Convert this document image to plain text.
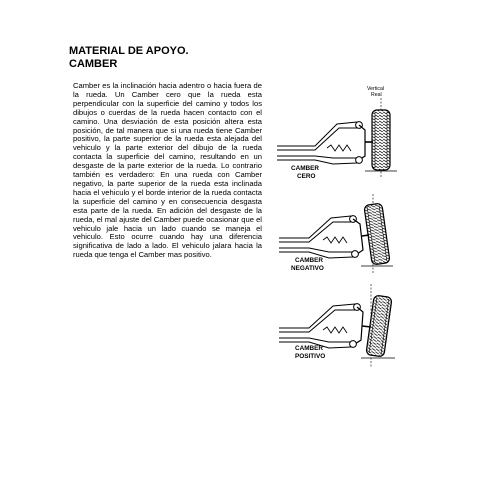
MATERIAL DE APOYO.
CAMBER

Camber es la inclinación hacia adentro o hacia fuera de la rueda. Un Camber cero que la rueda esta perpendicular con la superficie del camino y todos los dibujos o cuerdas de la rueda hacen contacto con el camino. Una desviación de esta posición altera esta posición, de tal manera que si una rueda tiene Camber positivo, la parte superior de la rueda esta alejada del vehiculo y la parte exterior del dibujo de la rueda contacta la superficie del camino, resultando en un desgaste de la parte exterior de la rueda. Lo contrario también es verdadero: En una rueda con Camber negativo, la parte superior de la rueda esta inclinada hacia el vehiculo y el borde interior de la rueda contacta la superficie del camino y en consecuencia desgasta esta parte de la rueda. En adición del desgaste de la rueda, el mal ajuste del Camber puede ocasionar que el vehiculo jale hacia un lado cuando se maneja el vehiculo. Esto ocurre cuando hay una diferencia significativa de lado a lado. El vehiculo jalara hacia la rueda que tenga el Camber mas positivo.

Vertical
Real
CAMBER
CERO
CAMBER
NEGATIVO
CAMBER
POSITIVO
